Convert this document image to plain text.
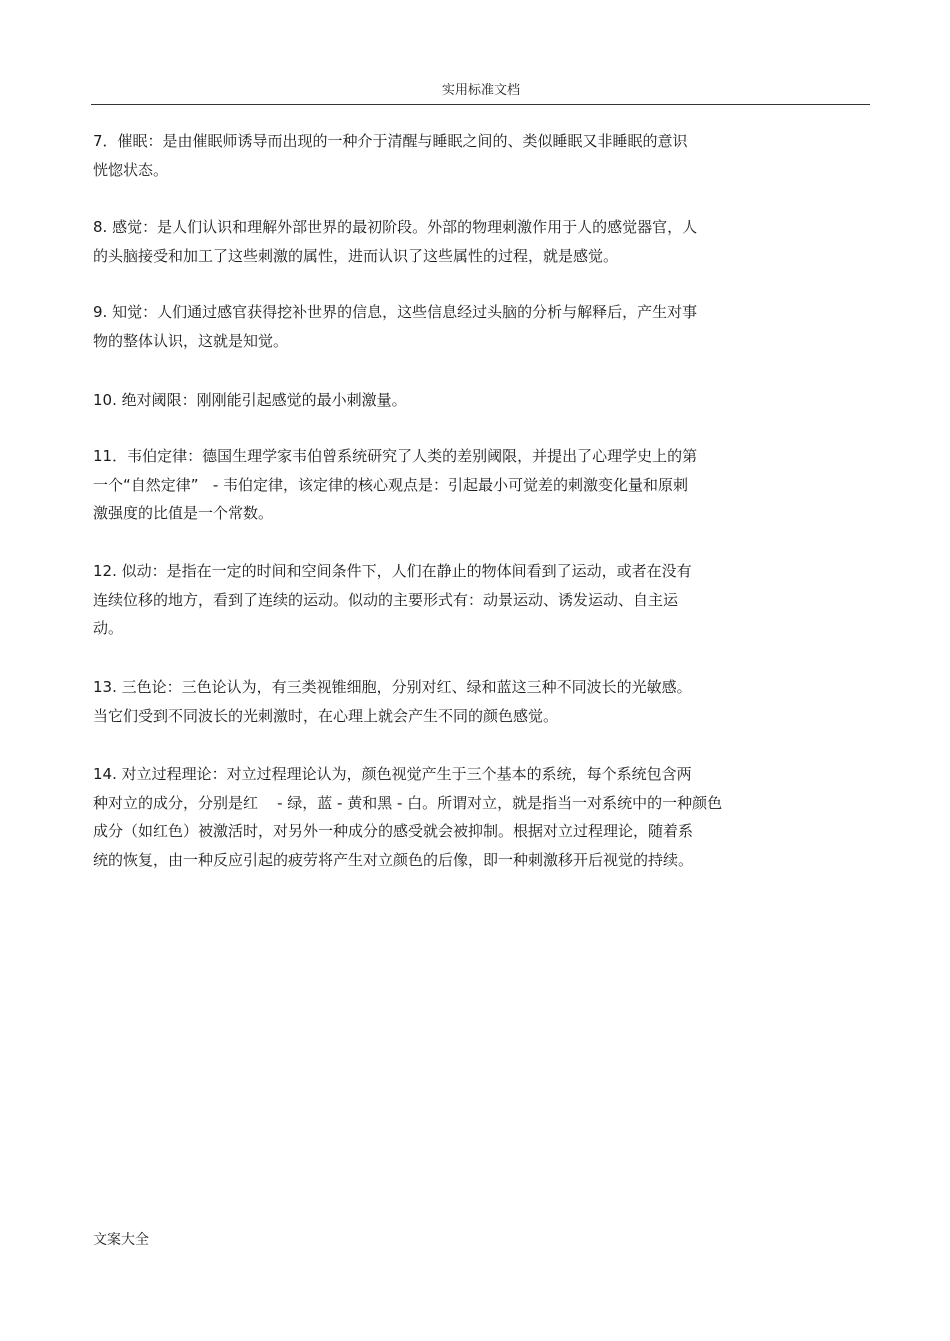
实用标准文档
7．催眠：是由催眠师诱导而出现的一种介于清醒与睡眠之间的、类似睡眠又非睡眠的意识
恍惚状态。
8. 感觉：是人们认识和理解外部世界的最初阶段。外部的物理刺激作用于人的感觉器官，人
的头脑接受和加工了这些刺激的属性，进而认识了这些属性的过程，就是感觉。
9. 知觉：人们通过感官获得挖补世界的信息，这些信息经过头脑的分析与解释后，产生对事
物的整体认识，这就是知觉。
10. 绝对阈限：刚刚能引起感觉的最小刺激量。
11．韦伯定律：德国生理学家韦伯曾系统研究了人类的差别阈限，并提出了心理学史上的第
一个“自然定律”   - 韦伯定律，该定律的核心观点是：引起最小可觉差的刺激变化量和原刺
激强度的比值是一个常数。
12. 似动：是指在一定的时间和空间条件下，人们在静止的物体间看到了运动，或者在没有
连续位移的地方，看到了连续的运动。似动的主要形式有：动景运动、诱发运动、自主运
动。
13. 三色论：三色论认为，有三类视锥细胞，分别对红、绿和蓝这三种不同波长的光敏感。
当它们受到不同波长的光刺激时，在心理上就会产生不同的颜色感觉。
14. 对立过程理论：对立过程理论认为，颜色视觉产生于三个基本的系统，每个系统包含两
种对立的成分，分别是红    - 绿，蓝 - 黄和黑 - 白。所谓对立，就是指当一对系统中的一种颜色
成分（如红色）被激活时，对另外一种成分的感受就会被抑制。根据对立过程理论，随着系
统的恢复，由一种反应引起的疲劳将产生对立颜色的后像，即一种刺激移开后视觉的持续。
文案大全
